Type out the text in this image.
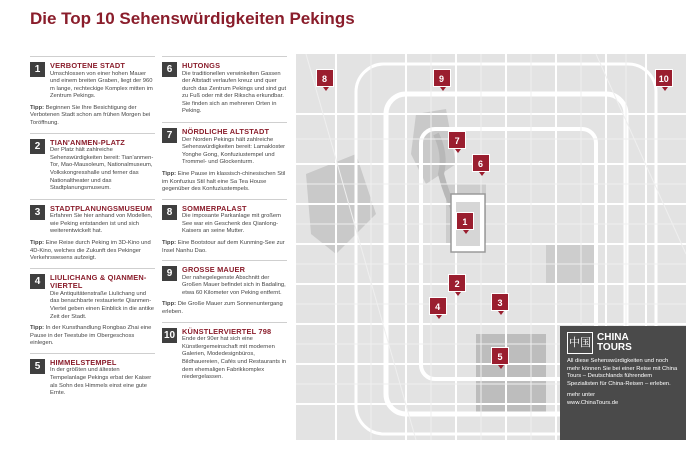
Die Top 10 Sehenswürdigkeiten Pekings
1	VERBOTENE STADT
Umschlossen von einer hohen Mauer und einem breiten Graben, liegt der 960 m lange, rechteckige Komplex mitten im Zentrum Pekings.
Tipp: Beginnen Sie Ihre Besichtigung der Verbotenen Stadt schon am frühen Morgen bei Toröffnung.
2	TIAN'ANMEN-PLATZ
Der Platz hält zahlreiche Sehenswürdigkeiten bereit: Tian'anmen-Tor, Mao-Mausoleum, Nationalmuseum, Volkskongresshalle und ferner das Nationaltheater und das Stadtplanungsmuseum.
3	STADTPLANUNGSMUSEUM
Erfahren Sie hier anhand von Modellen, wie Peking entstanden ist und sich weiterentwickelt hat.
Tipp: Eine Reise durch Peking im 3D-Kino und 4D-Kino, welches die Zukunft des Pekinger Verkehrswesens aufzeigt.
4	LIULICHANG & QIANMEN-VIERTEL
Die Antiquitätenstraße Liulichang und das benachbarte restaurierte Qianmen-Viertel geben einen Einblick in die antike Zeit der Stadt.
Tipp: In der Kunsthandlung Rongbao Zhai eine Pause in der Teestube im Obergeschoss einlegen.
5	HIMMELSTEMPEL
In der größten und ältesten Tempelanlage Pekings erbat der Kaiser als Sohn des Himmels einst eine gute Ernte.
6	HUTONGS
Die traditionellen verwinkelten Gassen der Altstadt verlaufen kreuz und quer durch das Zentrum Pekings und sind gut zu Fuß oder mit der Rikscha erkundbar. Sie finden sich an mehreren Orten in Peking.
7	NÖRDLICHE ALTSTADT
Der Norden Pekings hält zahlreiche Sehenswürdigkeiten bereit: Lamakloster Yonghe Gong, Konfuziustempel und Trommel- und Glockenturm.
Tipp: Eine Pause im klassisch-chinesischen Stil im Konfuzius Stil halt eine Sa Tea House gegenüber des Konfuziustempels.
8	SOMMERPALAST
Die imposante Parkanlage mit großem See war ein Geschenk des Qianlong-Kaisers an seine Mutter.
Tipp: Eine Bootstour auf dem Kunming-See zur Insel Nanhu Dao.
9	GROSSE MAUER
Der nahegelegenste Abschnitt der Großen Mauer befindet sich in Badaling, etwa 60 Kilometer von Peking entfernt.
Tipp: Die Große Mauer zum Sonnenuntergang erleben.
10 KÜNSTLERVIERTEL 798
Ende der 90er hat sich eine Künstlergemeinschaft mit modernen Galerien, Modedesignbüros, Bildhauereien, Cafés und Restaurants in dem ehemaligen Fabrikkomplex niedergelassen.
8	9	10
7
6
1
2
3
4
5
中国 CHINA
TOURS
All diese Sehenswürdigkeiten und noch mehr können Sie bei einer Reise mit China Tours – Deutschlands führendem Spezialisten für China-Reisen – erleben.
mehr unter
www.ChinaTours.de
